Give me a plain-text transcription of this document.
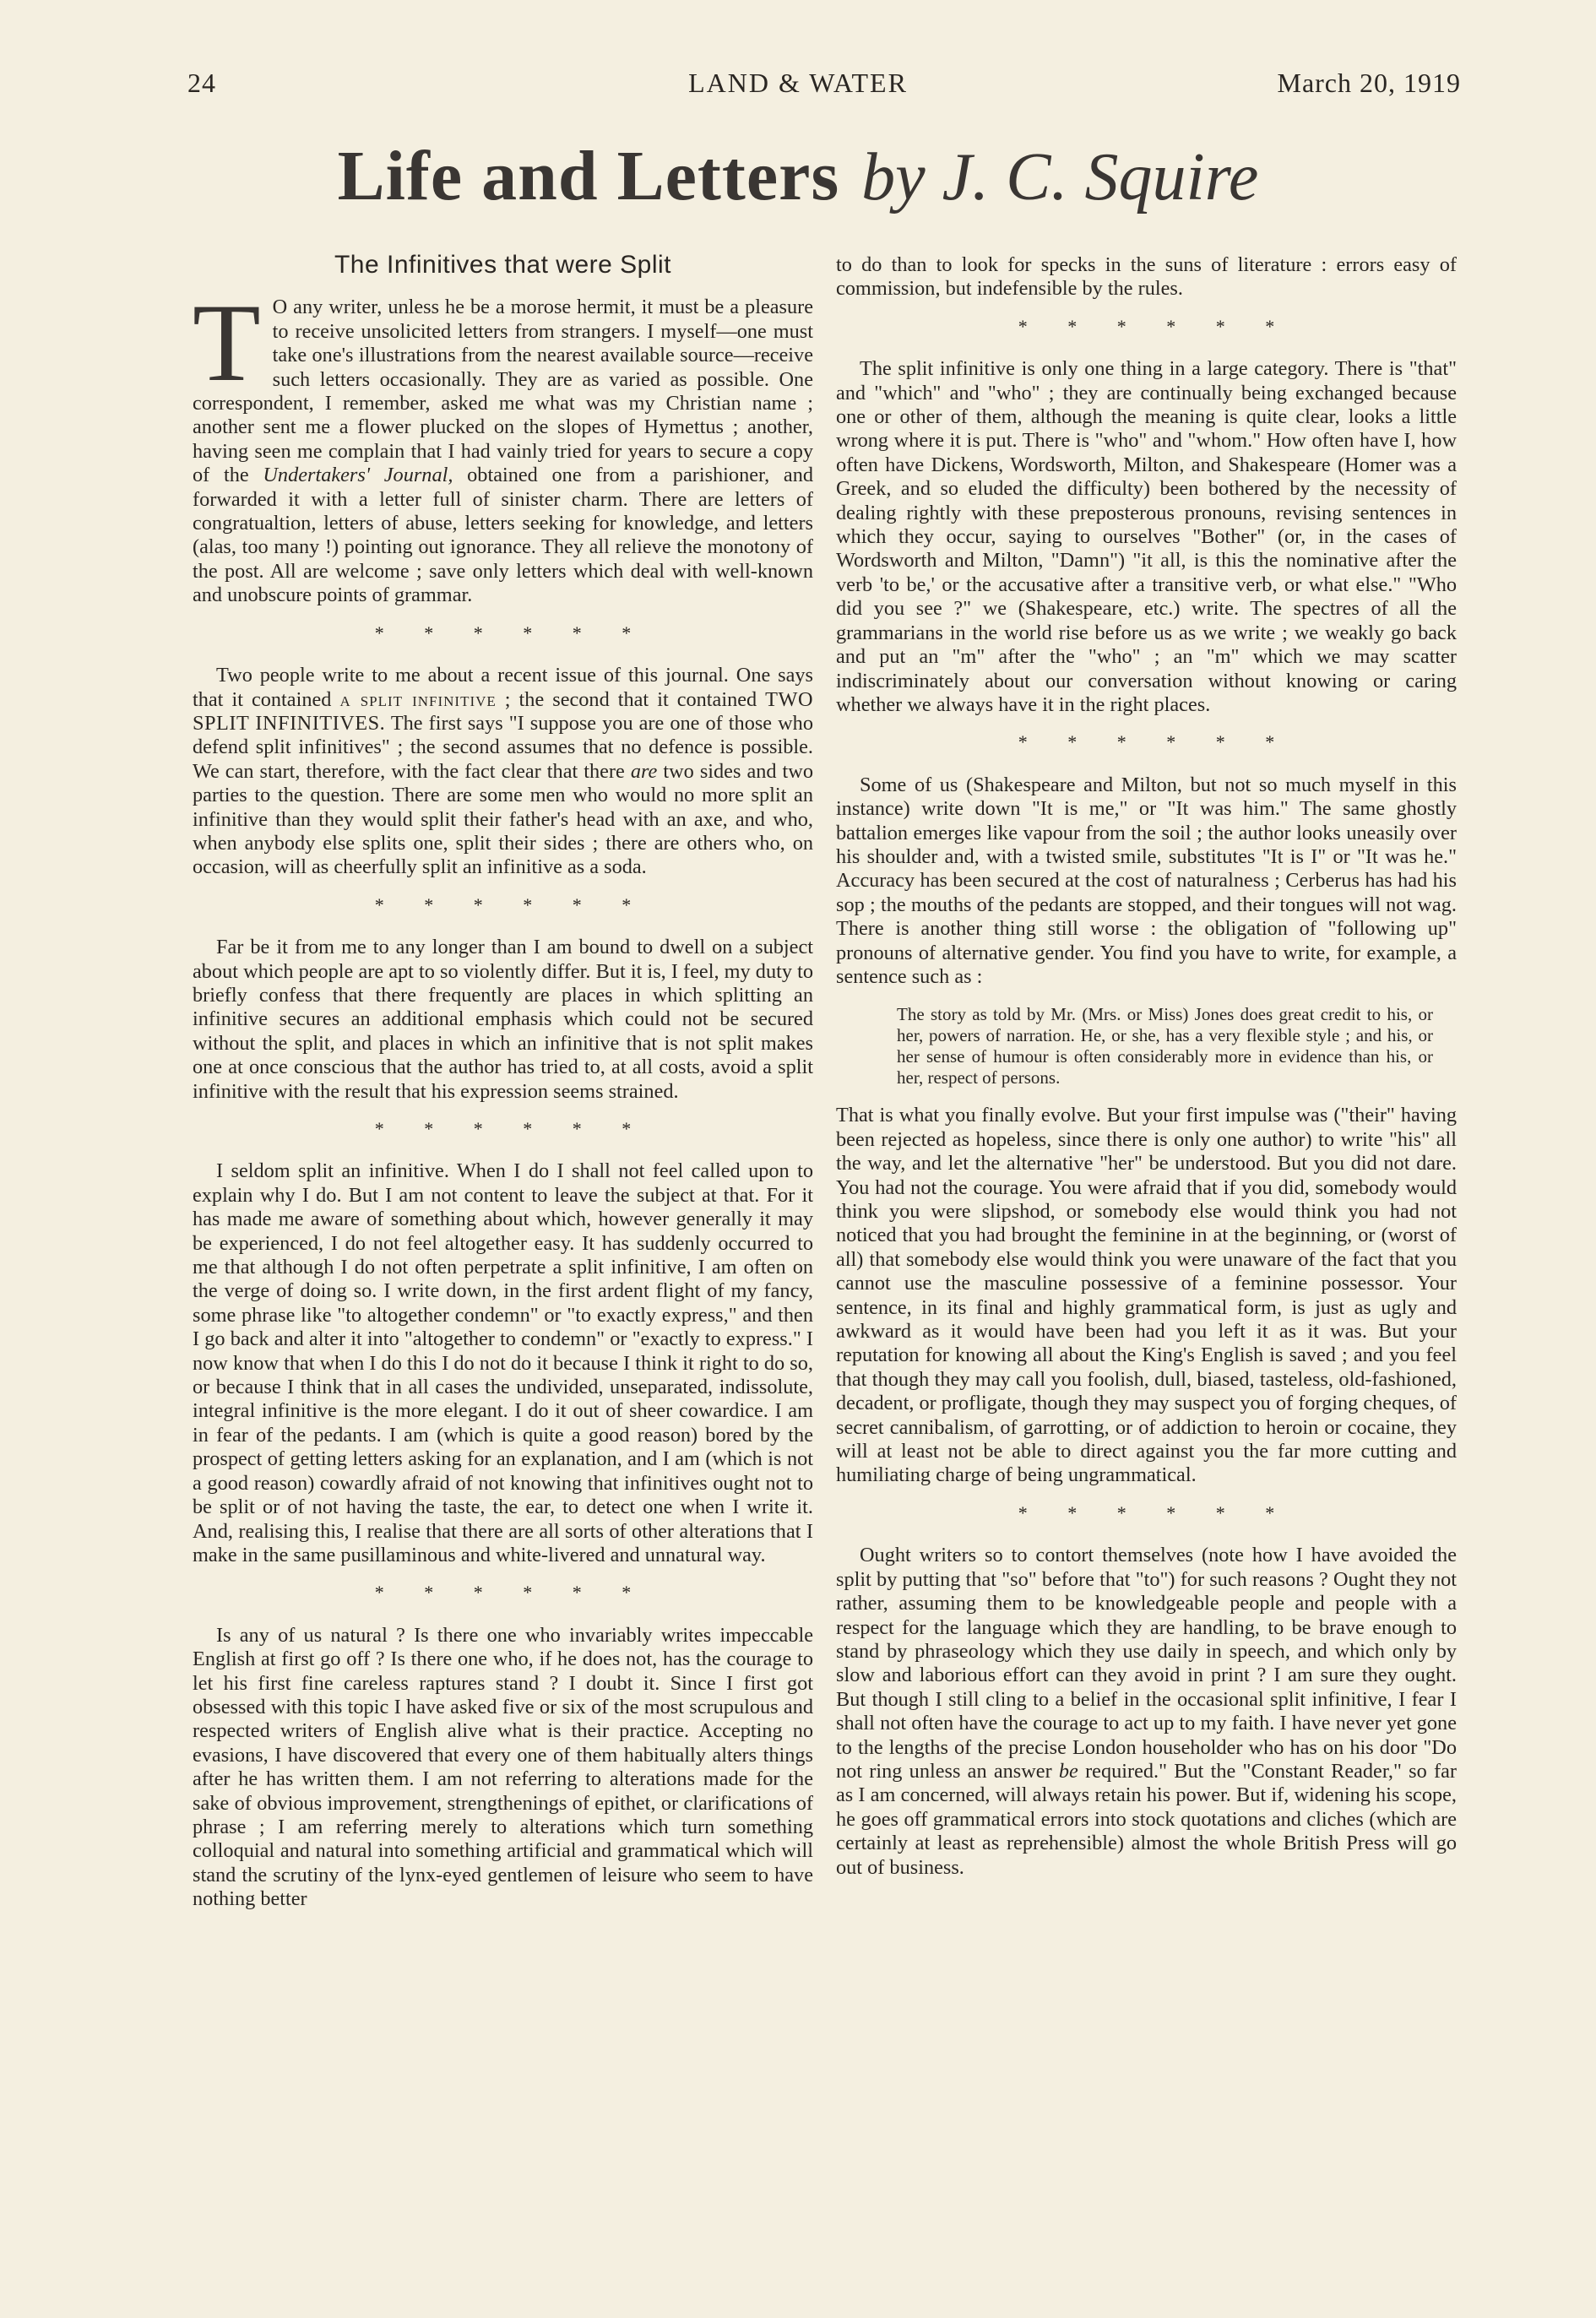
24	LAND & WATER	March 20, 1919
Life and Letters by J. C. Squire
The Infinitives that were Split

T O any writer, unless he be a morose hermit, it must be a pleasure to receive unsolicited letters from strangers. I myself—one must take one's illustrations from the nearest available source—receive such letters occasionally. They are as varied as possible. One correspondent, I remember, asked me what was my Christian name ; another sent me a flower plucked on the slopes of Hymettus ; another, having seen me complain that I had vainly tried for years to secure a copy of the Undertakers' Journal, obtained one from a parishioner, and forwarded it with a letter full of sinister charm. There are letters of congratualtion, letters of abuse, letters seeking for knowledge, and letters (alas, too many !) pointing out ignorance. They all relieve the monotony of the post. All are welcome ; save only letters which deal with well-known and unobscure points of grammar.

* * * * * *

Two people write to me about a recent issue of this journal. One says that it contained a split infinitive ; the second that it contained TWO SPLIT INFINITIVES. The first says "I suppose you are one of those who defend split infinitives" ; the second assumes that no defence is possible. We can start, therefore, with the fact clear that there are two sides and two parties to the question. There are some men who would no more split an infinitive than they would split their father's head with an axe, and who, when anybody else splits one, split their sides ; there are others who, on occasion, will as cheerfully split an infinitive as a soda.

* * * * * *

Far be it from me to any longer than I am bound to dwell on a subject about which people are apt to so violently differ. But it is, I feel, my duty to briefly confess that there frequently are places in which splitting an infinitive secures an additional emphasis which could not be secured without the split, and places in which an infinitive that is not split makes one at once conscious that the author has tried to, at all costs, avoid a split infinitive with the result that his expression seems strained.

* * * * * *

I seldom split an infinitive. When I do I shall not feel called upon to explain why I do. But I am not content to leave the subject at that. For it has made me aware of something about which, however generally it may be experienced, I do not feel altogether easy. It has suddenly occurred to me that although I do not often perpetrate a split infinitive, I am often on the verge of doing so. I write down, in the first ardent flight of my fancy, some phrase like "to altogether condemn" or "to exactly express," and then I go back and alter it into "altogether to condemn" or "exactly to express." I now know that when I do this I do not do it because I think it right to do so, or because I think that in all cases the undivided, unseparated, indissolute, integral infinitive is the more elegant. I do it out of sheer cowardice. I am in fear of the pedants. I am (which is quite a good reason) bored by the prospect of getting letters asking for an explanation, and I am (which is not a good reason) cowardly afraid of not knowing that infinitives ought not to be split or of not having the taste, the ear, to detect one when I write it. And, realising this, I realise that there are all sorts of other alterations that I make in the same pusillaminous and white-livered and unnatural way.

* * * * * *

Is any of us natural ? Is there one who invariably writes impeccable English at first go off ? Is there one who, if he does not, has the courage to let his first fine careless raptures stand ? I doubt it. Since I first got obsessed with this topic I have asked five or six of the most scrupulous and respected writers of English alive what is their practice. Accepting no evasions, I have discovered that every one of them habitually alters things after he has written them. I am not referring to alterations made for the sake of obvious improvement, strengthenings of epithet, or clarifications of phrase ; I am referring merely to alterations which turn something colloquial and natural into something artificial and grammatical which will stand the scrutiny of the lynx-eyed gentlemen of leisure who seem to have nothing better

to do than to look for specks in the suns of literature : errors easy of commission, but indefensible by the rules.

* * * * * *

The split infinitive is only one thing in a large category. There is "that" and "which" and "who" ; they are continually being exchanged because one or other of them, although the meaning is quite clear, looks a little wrong where it is put. There is "who" and "whom." How often have I, how often have Dickens, Wordsworth, Milton, and Shakespeare (Homer was a Greek, and so eluded the difficulty) been bothered by the necessity of dealing rightly with these preposterous pronouns, revising sentences in which they occur, saying to ourselves "Bother" (or, in the cases of Wordsworth and Milton, "Damn") "it all, is this the nominative after the verb 'to be,' or the accusative after a transitive verb, or what else." "Who did you see ?" we (Shakespeare, etc.) write. The spectres of all the grammarians in the world rise before us as we write ; we weakly go back and put an "m" after the "who" ; an "m" which we may scatter indiscriminately about our conversation without knowing or caring whether we always have it in the right places.

* * * * * *

Some of us (Shakespeare and Milton, but not so much myself in this instance) write down "It is me," or "It was him." The same ghostly battalion emerges like vapour from the soil ; the author looks uneasily over his shoulder and, with a twisted smile, substitutes "It is I" or "It was he." Accuracy has been secured at the cost of naturalness ; Cerberus has had his sop ; the mouths of the pedants are stopped, and their tongues will not wag. There is another thing still worse : the obligation of "following up" pronouns of alternative gender. You find you have to write, for example, a sentence such as :

The story as told by Mr. (Mrs. or Miss) Jones does great credit to his, or her, powers of narration. He, or she, has a very flexible style ; and his, or her sense of humour is often considerably more in evidence than his, or her, respect of persons.

That is what you finally evolve. But your first impulse was ("their" having been rejected as hopeless, since there is only one author) to write "his" all the way, and let the alternative "her" be understood. But you did not dare. You had not the courage. You were afraid that if you did, somebody would think you were slipshod, or somebody else would think you had not noticed that you had brought the feminine in at the beginning, or (worst of all) that somebody else would think you were unaware of the fact that you cannot use the masculine possessive of a feminine possessor. Your sentence, in its final and highly grammatical form, is just as ugly and awkward as it would have been had you left it as it was. But your reputation for knowing all about the King's English is saved ; and you feel that though they may call you foolish, dull, biased, tasteless, old-fashioned, decadent, or profligate, though they may suspect you of forging cheques, of secret cannibalism, of garrotting, or of addiction to heroin or cocaine, they will at least not be able to direct against you the far more cutting and humiliating charge of being ungrammatical.

* * * * * *

Ought writers so to contort themselves (note how I have avoided the split by putting that "so" before that "to") for such reasons ? Ought they not rather, assuming them to be knowledgeable people and people with a respect for the language which they are handling, to be brave enough to stand by phraseology which they use daily in speech, and which only by slow and laborious effort can they avoid in print ? I am sure they ought. But though I still cling to a belief in the occasional split infinitive, I fear I shall not often have the courage to act up to my faith. I have never yet gone to the lengths of the precise London householder who has on his door "Do not ring unless an answer be required." But the "Constant Reader," so far as I am concerned, will always retain his power. But if, widening his scope, he goes off grammatical errors into stock quotations and cliches (which are certainly at least as reprehensible) almost the whole British Press will go out of business.
